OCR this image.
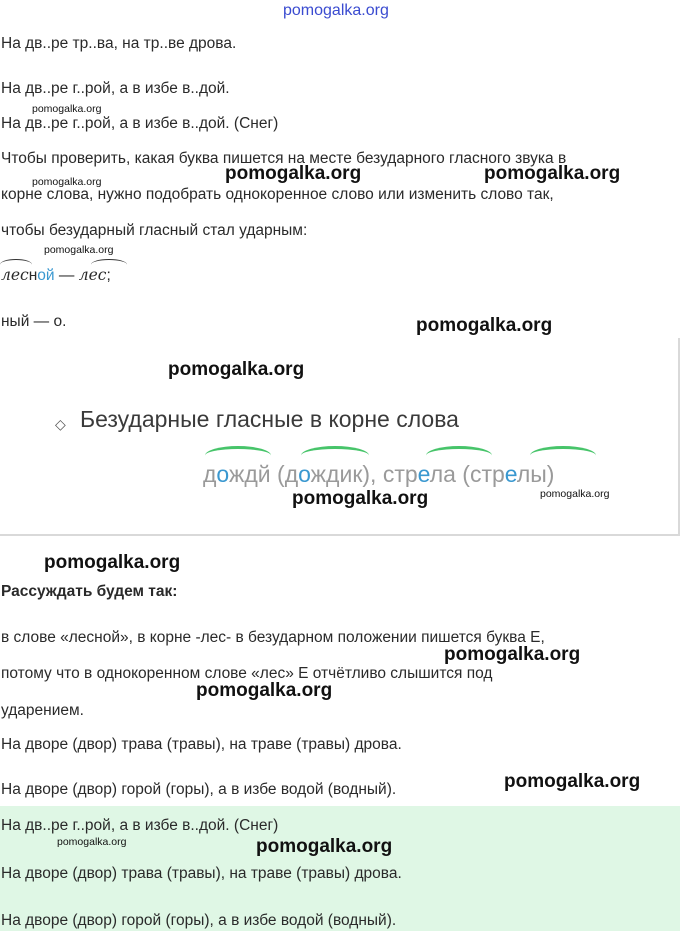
pomogalka.org
На дв..ре тр..ва, на тр..ве дрова.
На дв..ре г..рой, а в избе в..дой.
pomogalka.org
На дв..ре г..рой, а в избе в..дой. (Снег)
Чтобы проверить, какая буква пишется на месте безударного гласного звука в
pomogalka.org	pomogalka.org	pomogalka.org
корне слова, нужно подобрать однокоренное слово или изменить слово так,
чтобы безударный гласный стал ударным:
pomogalka.org
лесной — лес;
ный — о.	pomogalka.org
pomogalka.org
◇ Безударные гласные в корне слова
дождй (дождик), стрела (стрелы)
pomogalka.org	pomogalka.org
pomogalka.org
Рассуждать будем так:
в слове «лесной», в корне -лес- в безударном положении пишется буква Е,
pomogalka.org
потому что в однокоренном слове «лес» Е отчётливо слышится под
pomogalka.org
ударением.
На дворе (двор) трава (травы), на траве (травы) дрова.
На дворе (двор) горой (горы), а в избе водой (водный).	pomogalka.org
На дв..ре г..рой, а в избе в..дой. (Снег)
pomogalka.org	pomogalka.org
На дворе (двор) трава (травы), на траве (травы) дрова.
На дворе (двор) горой (горы), а в избе водой (водный).
